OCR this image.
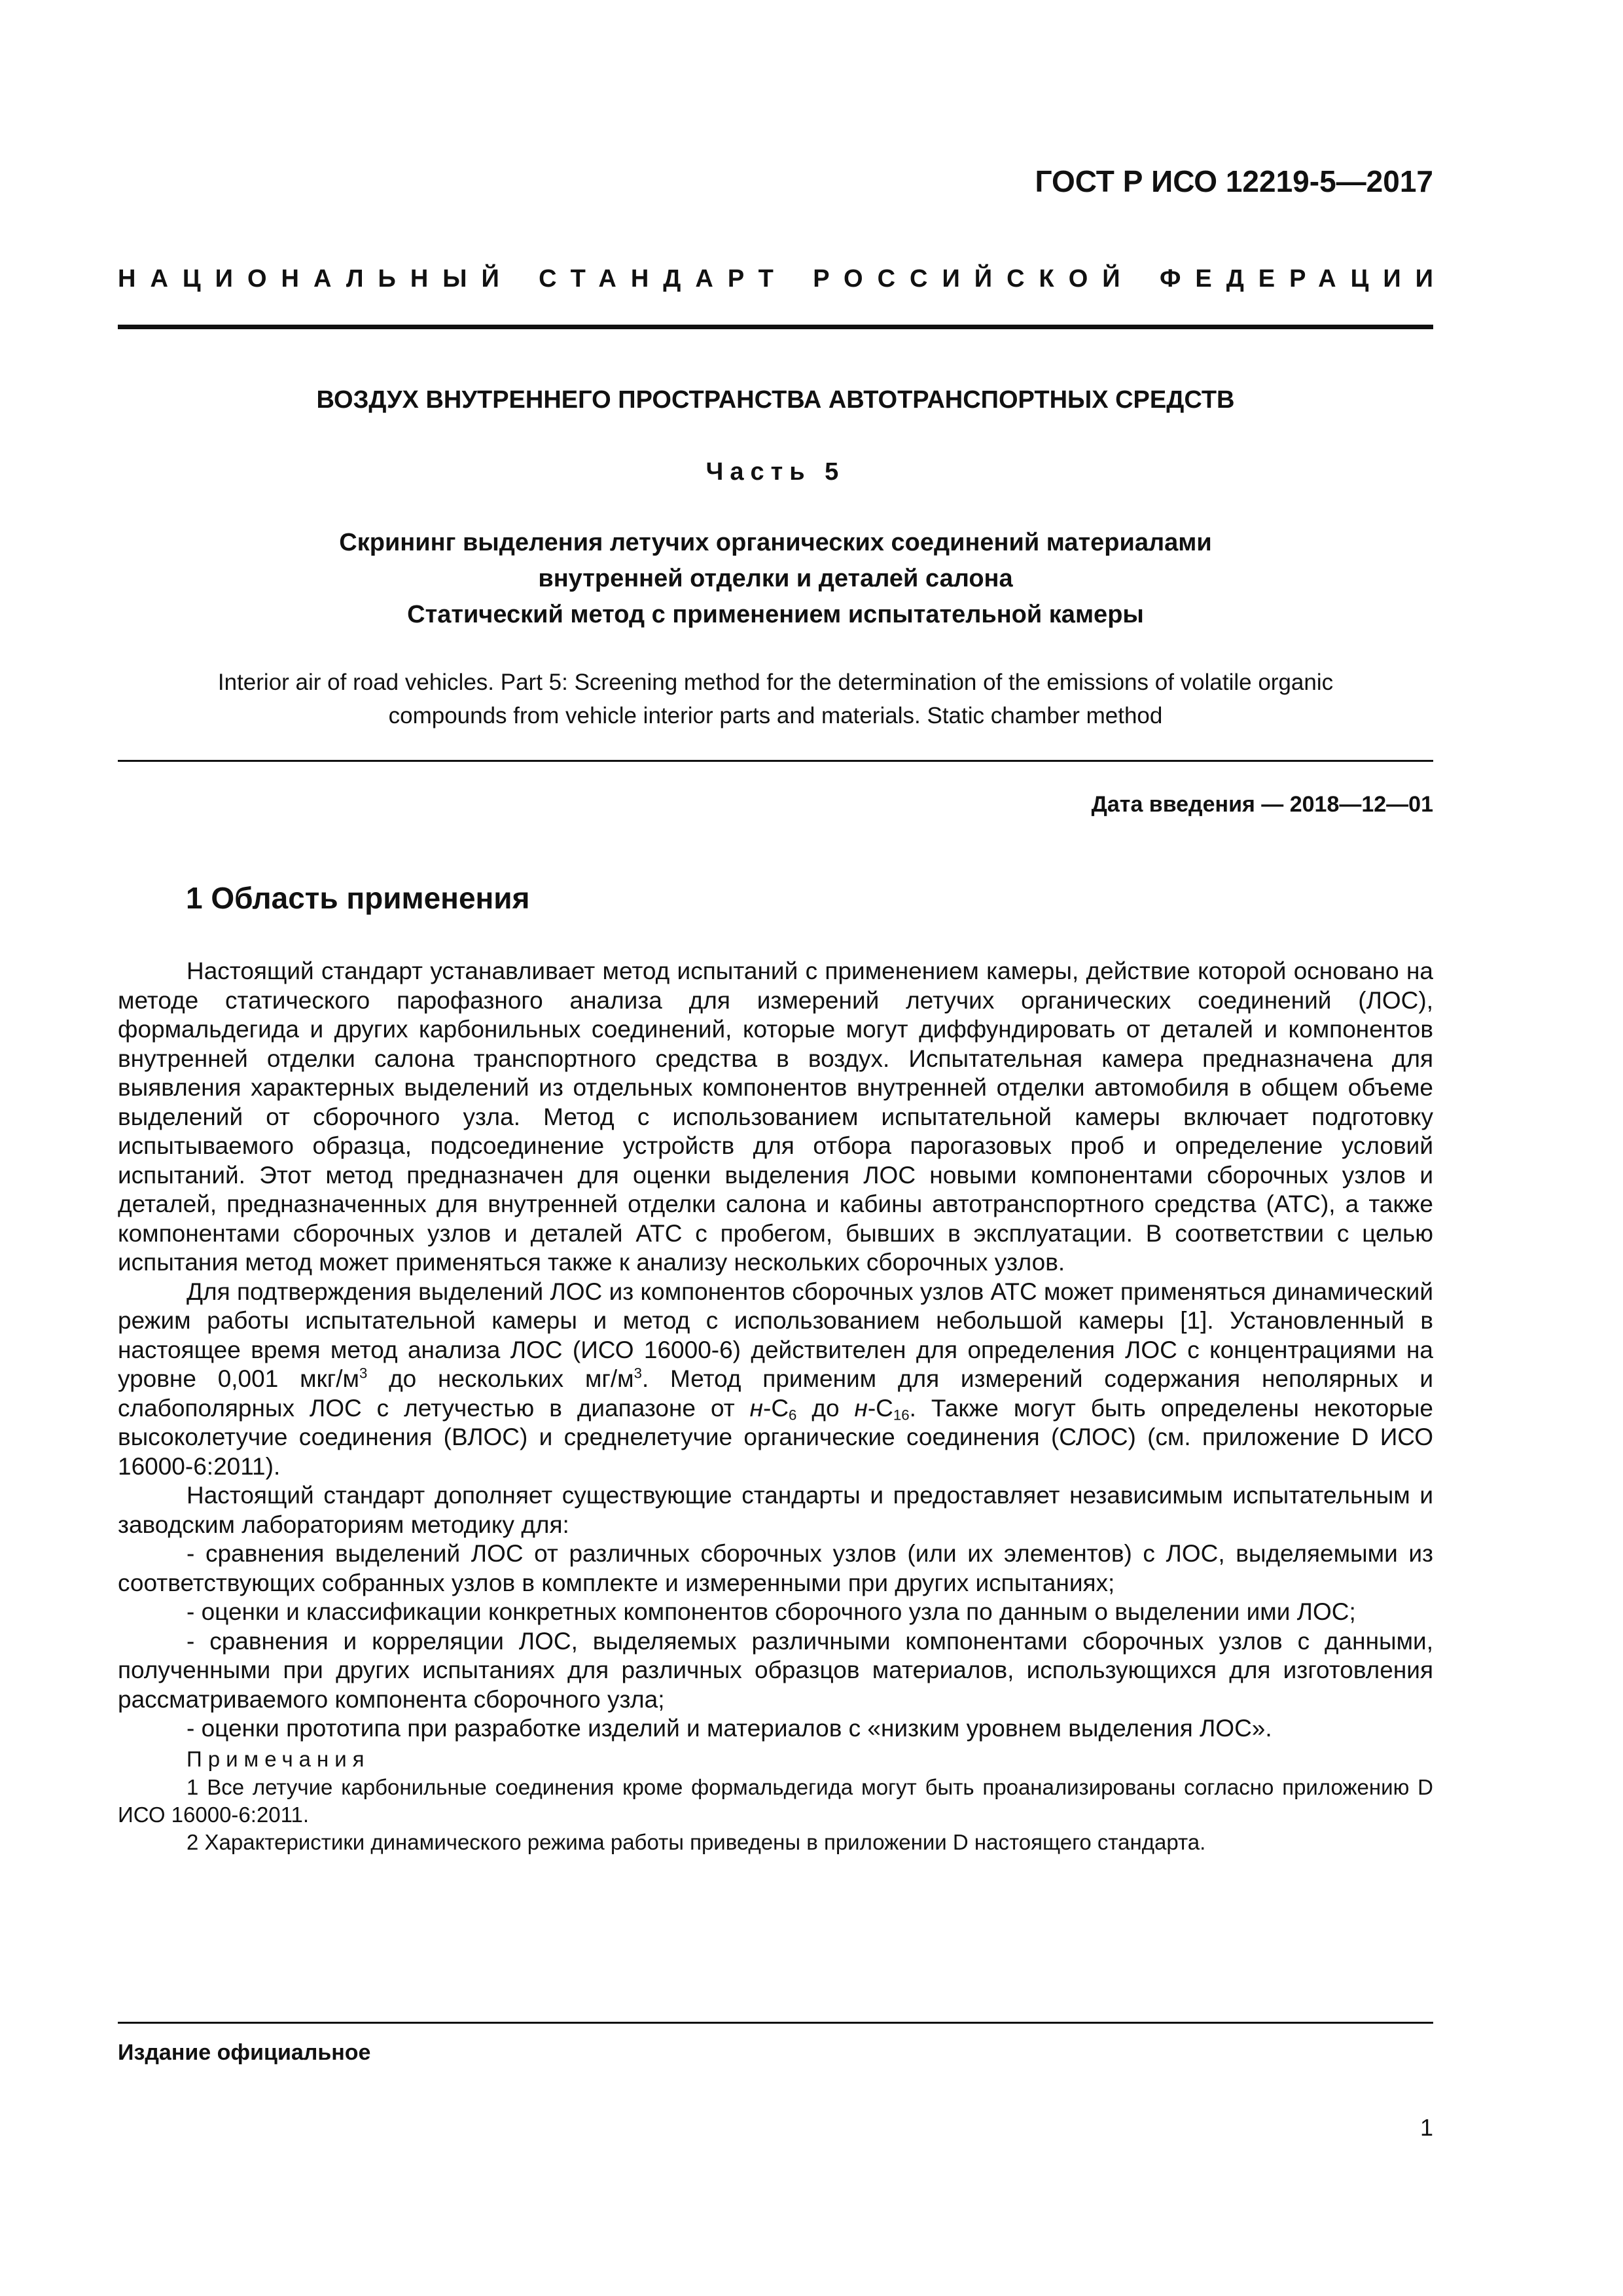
ГОСТ Р ИСО 12219-5—2017
НАЦИОНАЛЬНЫЙ СТАНДАРТ РОССИЙСКОЙ ФЕДЕРАЦИИ
ВОЗДУХ ВНУТРЕННЕГО ПРОСТРАНСТВА АВТОТРАНСПОРТНЫХ СРЕДСТВ
Часть 5
Скрининг выделения летучих органических соединений материалами
внутренней отделки и деталей салона
Статический метод с применением испытательной камеры
Interior air of road vehicles. Part 5: Screening method for the determination of the emissions of volatile organic
compounds from vehicle interior parts and materials. Static chamber method
Дата введения — 2018—12—01
1 Область применения

Настоящий стандарт устанавливает метод испытаний с применением камеры, действие которой основано на методе статического парофазного анализа для измерений летучих органических соединений (ЛОС), формальдегида и других карбонильных соединений, которые могут диффундировать от деталей и компонентов внутренней отделки салона транспортного средства в воздух. Испытательная камера предназначена для выявления характерных выделений из отдельных компонентов внутренней отделки автомобиля в общем объеме выделений от сборочного узла. Метод с использованием испытательной камеры включает подготовку испытываемого образца, подсоединение устройств для отбора парогазовых проб и определение условий испытаний. Этот метод предназначен для оценки выделения ЛОС новыми компонентами сборочных узлов и деталей, предназначенных для внутренней отделки салона и кабины автотранспортного средства (АТС), а также компонентами сборочных узлов и деталей АТС с пробегом, бывших в эксплуатации. В соответствии с целью испытания метод может применяться также к анализу нескольких сборочных узлов.

Для подтверждения выделений ЛОС из компонентов сборочных узлов АТС может применяться динамический режим работы испытательной камеры и метод с использованием небольшой камеры [1]. Установленный в настоящее время метод анализа ЛОС (ИСО 16000-6) действителен для определения ЛОС с концентрациями на уровне 0,001 мкг/$м^3$ до нескольких $мг/м^3$. Метод применим для измерений содержания неполярных и слабополярных ЛОС с летучестью в диапазоне от $н-С_6$ до $н-С_{16}$. Также могут быть определены некоторые высоколетучие соединения (ВЛОС) и среднелетучие органические соединения (СЛОС) (см. приложение D ИСО 16000-6:2011).

Настоящий стандарт дополняет существующие стандарты и предоставляет независимым испытательным и заводским лабораториям методику для:

- сравнения выделений ЛОС от различных сборочных узлов (или их элементов) с ЛОС, выделяемыми из соответствующих собранных узлов в комплекте и измеренными при других испытаниях;

- оценки и классификации конкретных компонентов сборочного узла по данным о выделении ими ЛОС;

- сравнения и корреляции ЛОС, выделяемых различными компонентами сборочных узлов с данными, полученными при других испытаниях для различных образцов материалов, использующихся для изготовления рассматриваемого компонента сборочного узла;

- оценки прототипа при разработке изделий и материалов с «низким уровнем выделения ЛОС».

Примечания

1 Все летучие карбонильные соединения кроме формальдегида могут быть проанализированы согласно приложению D ИСО 16000-6:2011.

2 Характеристики динамического режима работы приведены в приложении D настоящего стандарта.

Издание официальное
1
